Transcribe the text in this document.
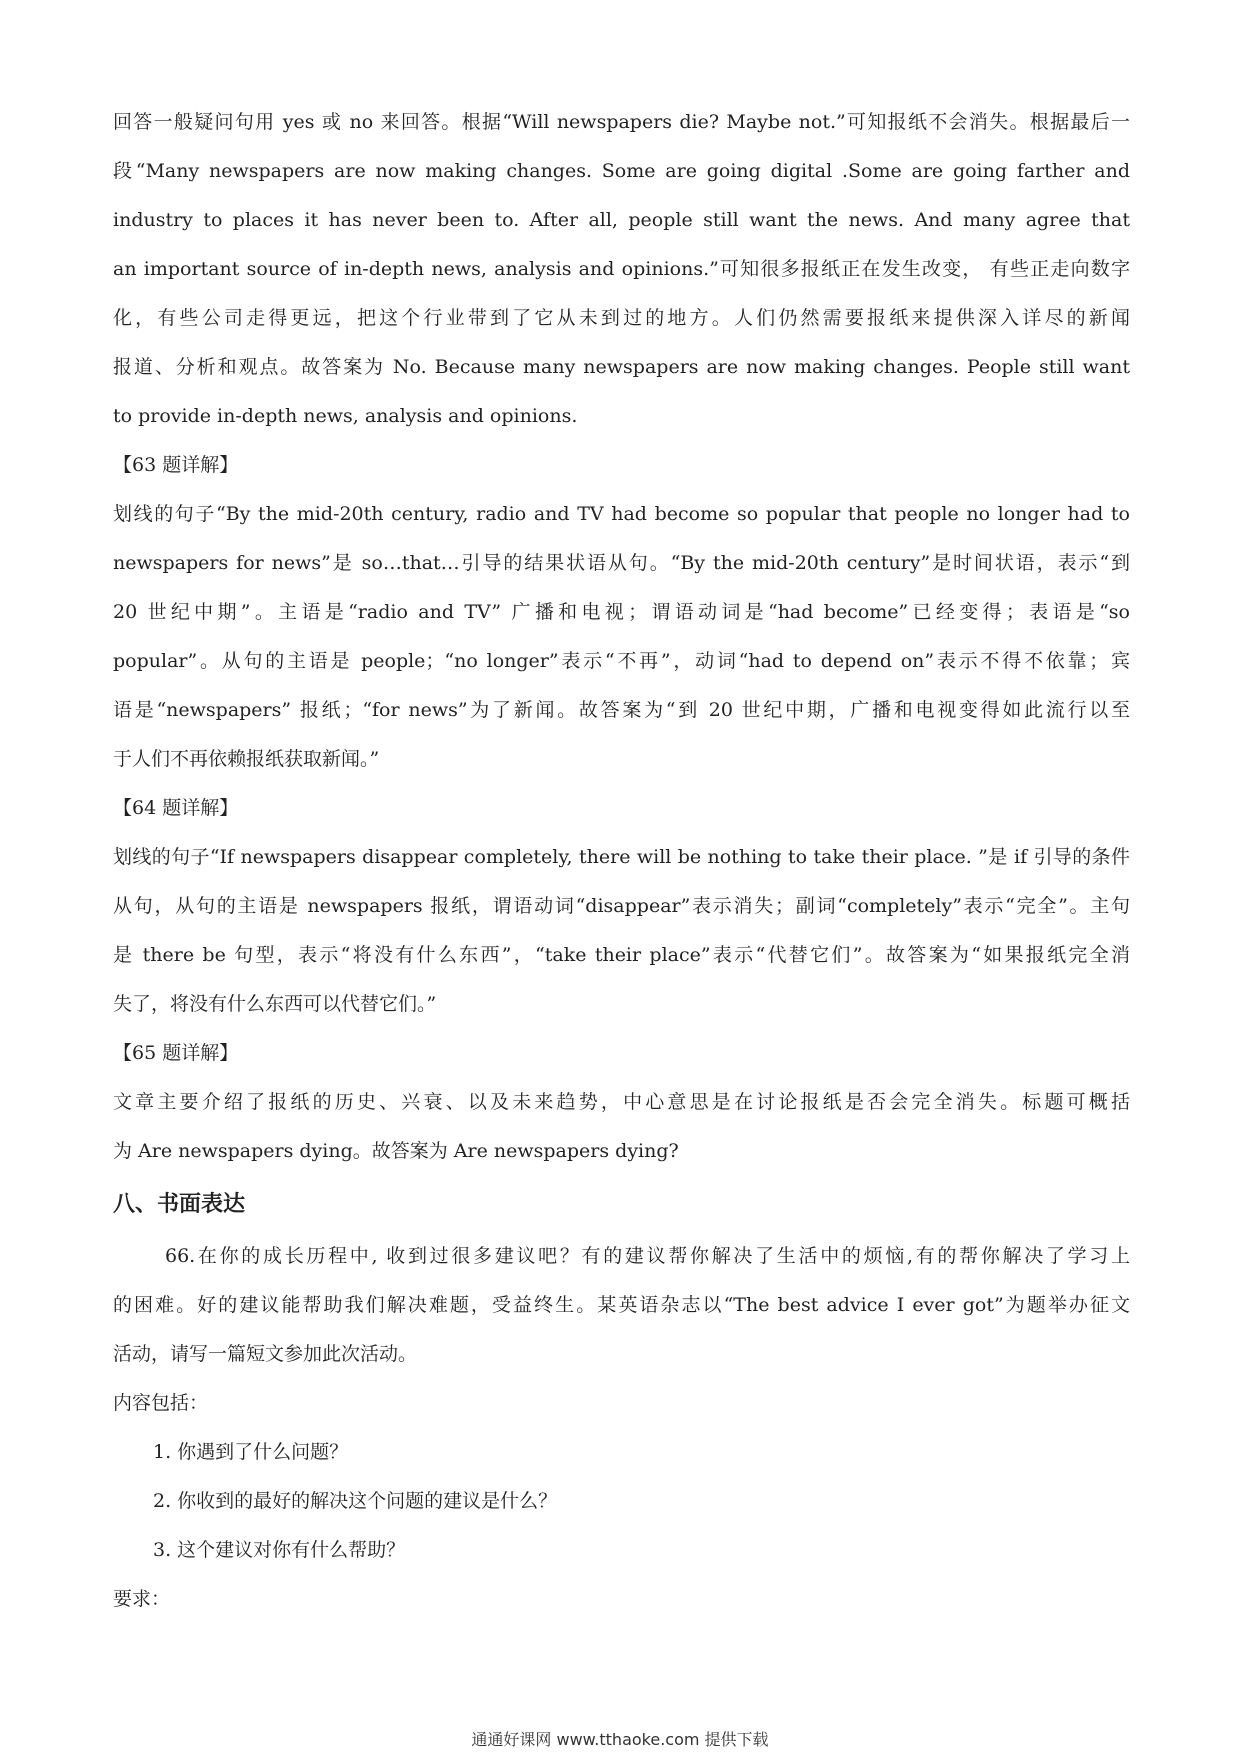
回答一般疑问句用 yes 或 no 来回答。根据“Will newspapers die? Maybe not.”可知报纸不会消失。根据最后一
段“Many newspapers are now making changes. Some are going digital .Some are going farther and
industry to places it has never been to. After all, people still want the news. And many agree that
an important source of in-depth news, analysis and opinions.”可知很多报纸正在发生改变， 有些正走向数字
化，有些公司走得更远，把这个行业带到了它从未到过的地方。人们仍然需要报纸来提供深入详尽的新闻
报道、分析和观点。故答案为 No. Because many newspapers are now making changes. People still want
to provide in-depth news, analysis and opinions.
【63 题详解】
划线的句子“By the mid-20th century, radio and TV had become so popular that people no longer had to
newspapers for news”是 so…that…引导的结果状语从句。“By the mid-20th century”是时间状语，表示“到
20 世纪中期”。主语是“radio and TV” 广播和电视；谓语动词是“had become”已经变得；表语是“so
popular”。从句的主语是 people；“no longer”表示“不再”，动词“had to depend on”表示不得不依靠；宾
语是“newspapers” 报纸；“for news”为了新闻。故答案为“到 20 世纪中期，广播和电视变得如此流行以至
于人们不再依赖报纸获取新闻。”
【64 题详解】
划线的句子“If newspapers disappear completely, there will be nothing to take their place. ”是 if 引导的条件
从句，从句的主语是 newspapers 报纸，谓语动词“disappear”表示消失；副词“completely”表示“完全”。主句
是 there be 句型，表示“将没有什么东西”，“take their place”表示“代替它们”。故答案为“如果报纸完全消
失了，将没有什么东西可以代替它们。”
【65 题详解】
文章主要介绍了报纸的历史、兴衰、以及未来趋势，中心意思是在讨论报纸是否会完全消失。标题可概括
为 Are newspapers dying。故答案为 Are newspapers dying?
八、书面表达
66.在你的成长历程中, 收到过很多建议吧？有的建议帮你解决了生活中的烦恼,有的帮你解决了学习上
的困难。好的建议能帮助我们解决难题，受益终生。某英语杂志以“The best advice I ever got”为题举办征文
活动，请写一篇短文参加此次活动。
内容包括：
1. 你遇到了什么问题？
2. 你收到的最好的解决这个问题的建议是什么？
3. 这个建议对你有什么帮助？
要求：
通通好课网 www.tthaoke.com 提供下载
